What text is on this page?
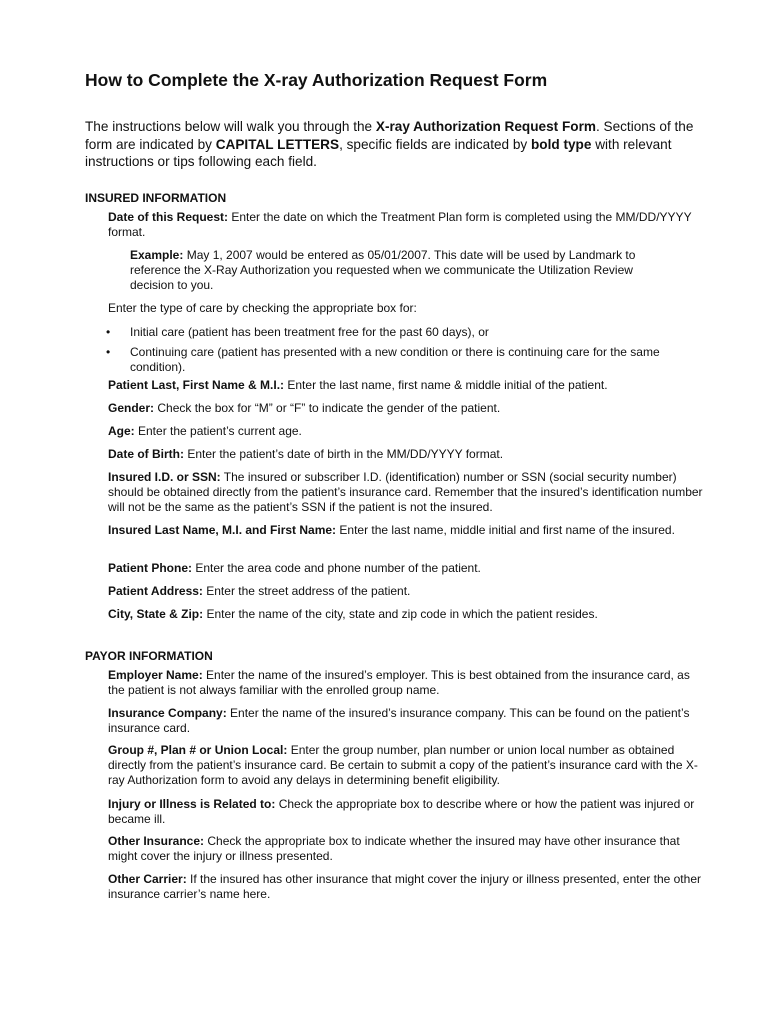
How to Complete the X-ray Authorization Request Form

The instructions below will walk you through the X-ray Authorization Request Form. Sections of the form are indicated by CAPITAL LETTERS, specific fields are indicated by bold type with relevant instructions or tips following each field.

INSURED INFORMATION

Date of this Request: Enter the date on which the Treatment Plan form is completed using the MM/DD/YYYY format.

Example: May 1, 2007 would be entered as 05/01/2007. This date will be used by Landmark to reference the X-Ray Authorization you requested when we communicate the Utilization Review decision to you.

Enter the type of care by checking the appropriate box for:

• Initial care (patient has been treatment free for the past 60 days), or

• Continuing care (patient has presented with a new condition or there is continuing care for the same condition).

Patient Last, First Name & M.I.: Enter the last name, first name & middle initial of the patient.

Gender: Check the box for “M” or “F” to indicate the gender of the patient.

Age: Enter the patient’s current age.

Date of Birth: Enter the patient’s date of birth in the MM/DD/YYYY format.

Insured I.D. or SSN: The insured or subscriber I.D. (identification) number or SSN (social security number) should be obtained directly from the patient’s insurance card. Remember that the insured’s identification number will not be the same as the patient’s SSN if the patient is not the insured.

Insured Last Name, M.I. and First Name: Enter the last name, middle initial and first name of the insured.

Patient Phone: Enter the area code and phone number of the patient.

Patient Address: Enter the street address of the patient.

City, State & Zip: Enter the name of the city, state and zip code in which the patient resides.

PAYOR INFORMATION

Employer Name: Enter the name of the insured’s employer. This is best obtained from the insurance card, as the patient is not always familiar with the enrolled group name.

Insurance Company: Enter the name of the insured’s insurance company. This can be found on the patient’s insurance card.

Group #, Plan # or Union Local: Enter the group number, plan number or union local number as obtained directly from the patient’s insurance card. Be certain to submit a copy of the patient’s insurance card with the X-ray Authorization form to avoid any delays in determining benefit eligibility.

Injury or Illness is Related to: Check the appropriate box to describe where or how the patient was injured or became ill.

Other Insurance: Check the appropriate box to indicate whether the insured may have other insurance that might cover the injury or illness presented.

Other Carrier: If the insured has other insurance that might cover the injury or illness presented, enter the other insurance carrier’s name here.
